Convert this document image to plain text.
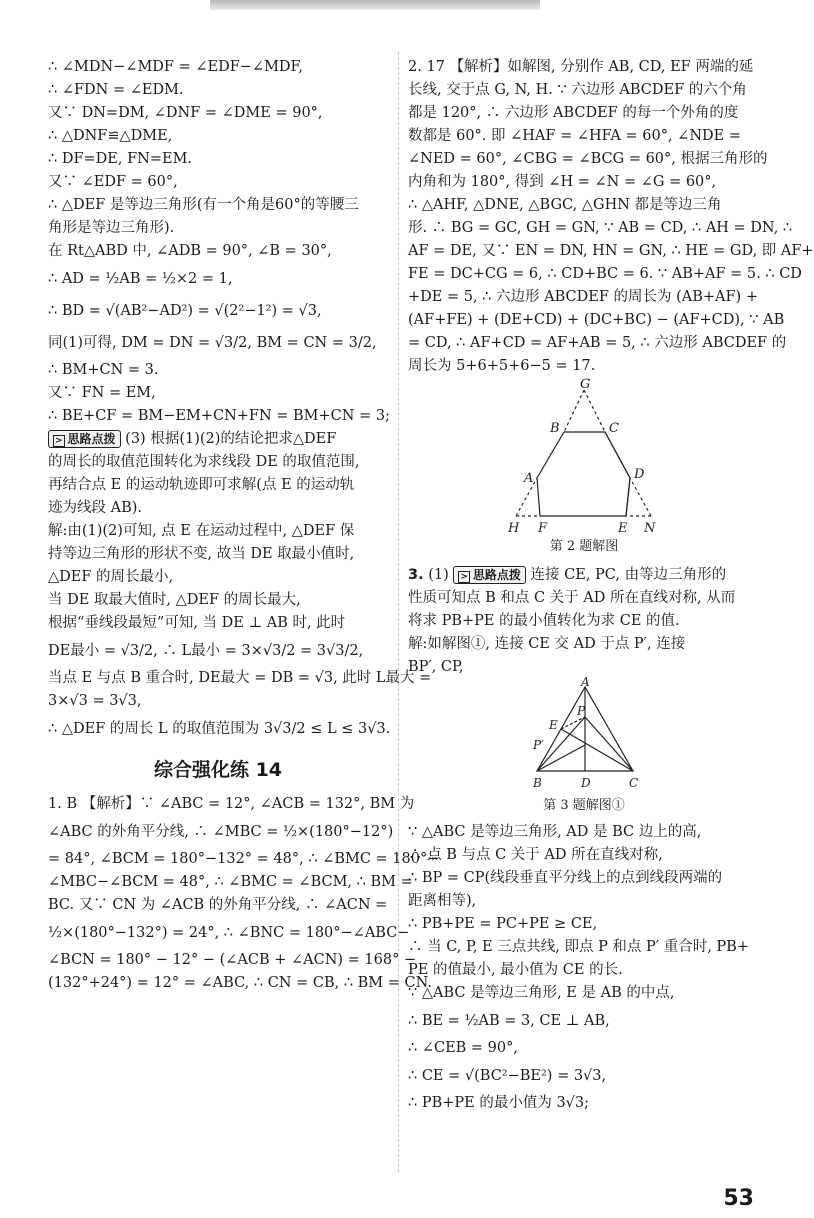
∴ ∠MDN−∠MDF = ∠EDF−∠MDF,
∴ ∠FDN = ∠EDM.
又∵ DN=DM, ∠DNF = ∠DME = 90°,
∴ △DNF≌△DME,
∴ DF=DE, FN=EM.
又∵ ∠EDF = 60°,
∴ △DEF 是等边三角形(有一个角是60°的等腰三
角形是等边三角形).
在 Rt△ABD 中, ∠ADB = 90°, ∠B = 30°,
∴ AD = ½AB = ½×2 = 1,
∴ BD = √(AB²−AD²) = √(2²−1²) = √3,
同(1)可得, DM = DN = √3/2, BM = CN = 3/2,
∴ BM+CN = 3.
又∵ FN = EM,
∴ BE+CF = BM−EM+CN+FN = BM+CN = 3;
> 思路点拨 (3) 根据(1)(2)的结论把求△DEF
的周长的取值范围转化为求线段 DE 的取值范围,
再结合点 E 的运动轨迹即可求解(点 E 的运动轨
迹为线段 AB).
解:由(1)(2)可知, 点 E 在运动过程中, △DEF 保
持等边三角形的形状不变, 故当 DE 取最小值时,
△DEF 的周长最小,
当 DE 取最大值时, △DEF 的周长最大,
根据“垂线段最短”可知, 当 DE ⊥ AB 时, 此时
DE最小 = √3/2, ∴ L最小 = 3×√3/2 = 3√3/2,
当点 E 与点 B 重合时, DE最大 = DB = √3, 此时 L最大 =
3×√3 = 3√3,
∴ △DEF 的周长 L 的取值范围为 3√3/2 ≤ L ≤ 3√3.
综合强化练 14
1. B 【解析】∵ ∠ABC = 12°, ∠ACB = 132°, BM 为
∠ABC 的外角平分线, ∴ ∠MBC = ½×(180°−12°)
= 84°, ∠BCM = 180°−132° = 48°, ∴ ∠BMC = 180°−
∠MBC−∠BCM = 48°, ∴ ∠BMC = ∠BCM, ∴ BM =
BC. 又∵ CN 为 ∠ACB 的外角平分线, ∴ ∠ACN =
½×(180°−132°) = 24°, ∴ ∠BNC = 180°−∠ABC−
∠BCN = 180° − 12° − (∠ACB + ∠ACN) = 168° −
(132°+24°) = 12° = ∠ABC, ∴ CN = CB, ∴ BM = CN.
2. 17 【解析】如解图, 分别作 AB, CD, EF 两端的延
长线, 交于点 G, N, H. ∵ 六边形 ABCDEF 的六个角
都是 120°, ∴ 六边形 ABCDEF 的每一个外角的度
数都是 60°. 即 ∠HAF = ∠HFA = 60°, ∠NDE =
∠NED = 60°, ∠CBG = ∠BCG = 60°, 根据三角形的
内角和为 180°, 得到 ∠H = ∠N = ∠G = 60°,
∴ △AHF, △DNE, △BGC, △GHN 都是等边三角
形. ∴ BG = GC, GH = GN, ∵ AB = CD, ∴ AH = DN, ∴
AF = DE, 又∵ EN = DN, HN = GN, ∴ HE = GD, 即 AF+
FE = DC+CG = 6, ∴ CD+BC = 6. ∵ AB+AF = 5. ∴ CD
+DE = 5, ∴ 六边形 ABCDEF 的周长为 (AB+AF) +
(AF+FE) + (DE+CD) + (DC+BC) − (AF+CD), ∵ AB
= CD, ∴ AF+CD = AF+AB = 5, ∴ 六边形 ABCDEF 的
周长为 5+6+5+6−5 = 17.
G
B	C
A	D
H F	E N
第 2 题解图
3. (1) > 思路点拨 连接 CE, PC, 由等边三角形的
性质可知点 B 和点 C 关于 AD 所在直线对称, 从而
将求 PB+PE 的最小值转化为求 CE 的值.
解:如解图①, 连接 CE 交 AD 于点 P′, 连接
BP′, CP,
A
E
P
P′
B	D	C
第 3 题解图①
∵ △ABC 是等边三角形, AD 是 BC 边上的高,
∴ 点 B 与点 C 关于 AD 所在直线对称,
∴ BP = CP(线段垂直平分线上的点到线段两端的
距离相等),
∴ PB+PE = PC+PE ≥ CE,
∴ 当 C, P, E 三点共线, 即点 P 和点 P′ 重合时, PB+
PE 的值最小, 最小值为 CE 的长.
∵ △ABC 是等边三角形, E 是 AB 的中点,
∴ BE = ½AB = 3, CE ⊥ AB,
∴ ∠CEB = 90°,
∴ CE = √(BC²−BE²) = 3√3,
∴ PB+PE 的最小值为 3√3;
53
